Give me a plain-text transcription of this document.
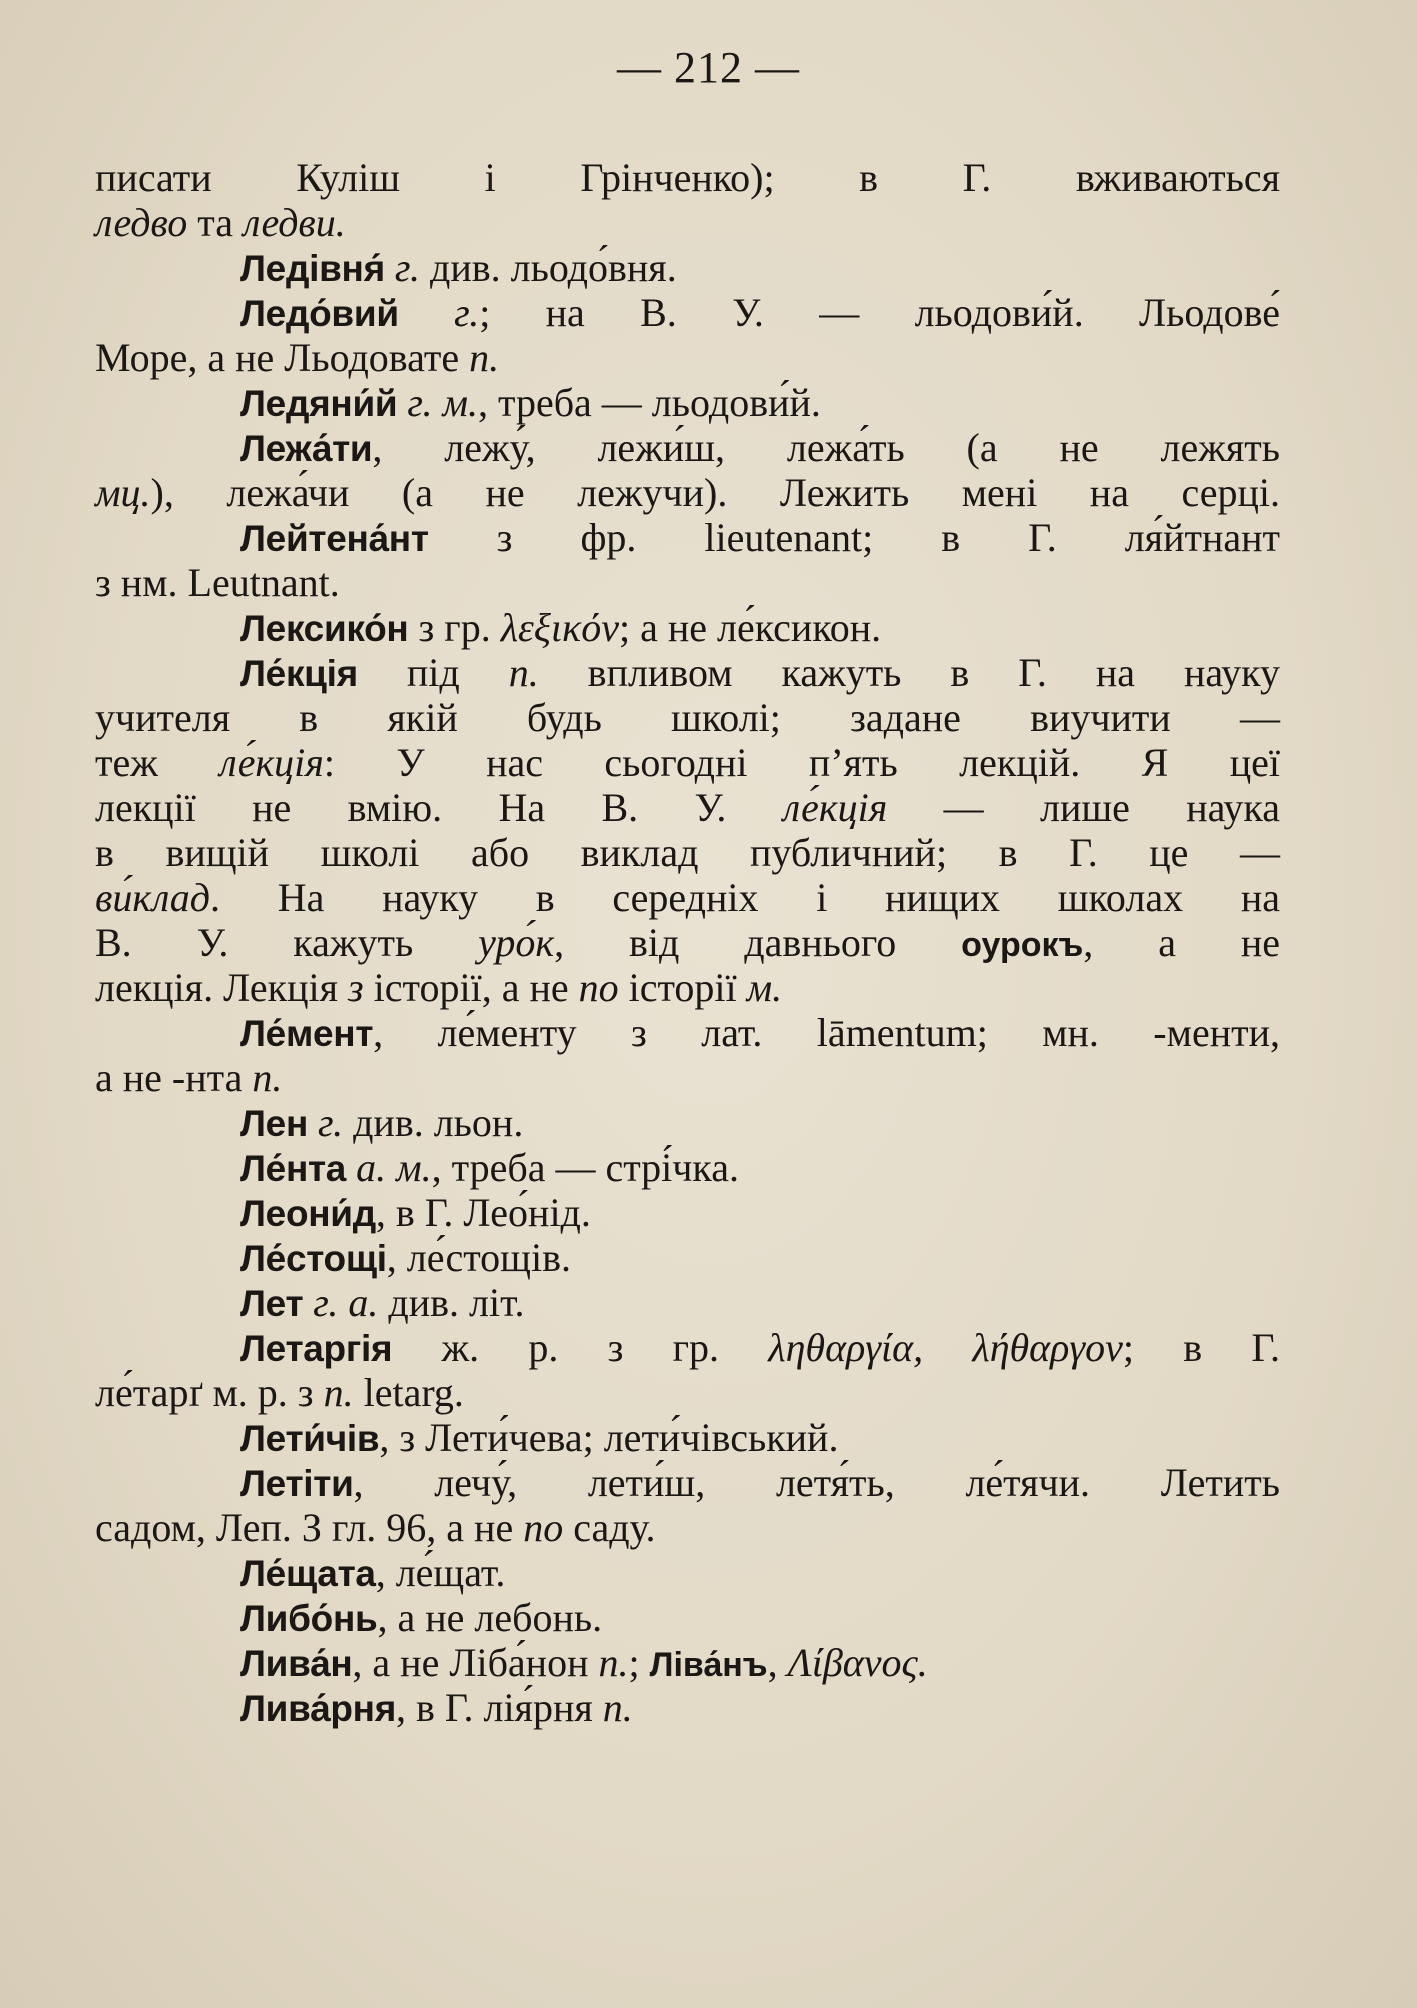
— 212 —
писати Куліш і Грінченко); в Г. вживаються
ледво та ледви.
Ледівня́ г. див. льодо́вня.
Ледо́вий г.; на В. У. — льодови́й. Льодове́
Море, а не Льодовате п.
Ледяни́й г. м., треба — льодови́й.
Лежа́ти, лежу́, лежи́ш, лежа́ть (а не лежять
мц.), лежа́чи (а не лежучи). Лежить мені на серці.
Лейтена́нт з фр. lieutenant; в Г. ля́йтнант
з нм. Leutnant.
Лексико́н з гр. λεξικόν; а не ле́ксикон.
Ле́кція під п. впливом кажуть в Г. на науку
учителя в якій будь школі; задане виучити —
теж ле́кція: У нас сьогодні п’ять лекцій. Я цеї
лекції не вмію. На В. У. ле́кція — лише наука
в вищій школі або виклад публичний; в Г. це —
ви́клад. На науку в середніх і нищих школах на
В. У. кажуть уро́к, від давнього оурокъ, а не
лекція. Лекція з історії, а не по історії м.
Ле́мент, ле́менту з лат. lāmentum; мн. -менти,
а не -нта п.
Лен г. див. льон.
Ле́нта а. м., треба — стрі́чка.
Леони́д, в Г. Лео́нід.
Ле́стощі, ле́стощів.
Лет г. а. див. літ.
Летаргія ж. р. з гр. ληθαργία, λήθαργον; в Г.
ле́тарґ м. р. з п. letarg.
Лети́чів, з Лети́чева; лети́чівський.
Летіти, лечу́, лети́ш, летя́ть, ле́тячи. Летить
садом, Леп. З гл. 96, а не по саду.
Ле́щата, ле́щат.
Либо́нь, а не лебонь.
Лива́н, а не Ліба́нон п.; Ліва́нъ, Λίβανος.
Лива́рня, в Г. лія́рня п.
